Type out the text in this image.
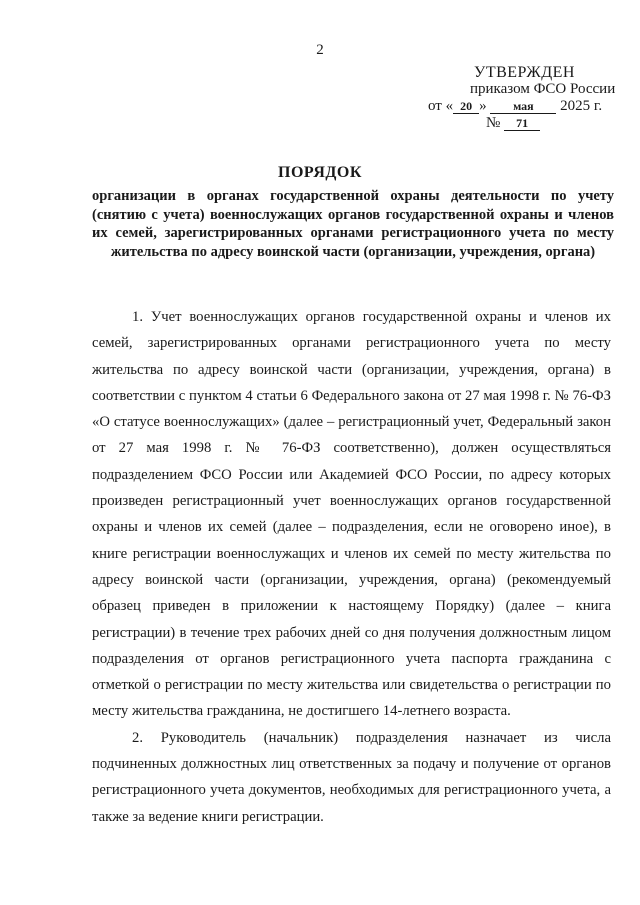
2
УТВЕРЖДЕН
приказом ФСО России
от « 20 » мая 2025 г.
№ 71
ПОРЯДОК
организации в органах государственной охраны деятельности по учету (снятию с учета) военнослужащих органов государственной охраны и членов их семей, зарегистрированных органами регистрационного учета по месту жительства по адресу воинской части (организации, учреждения, органа)

1. Учет военнослужащих органов государственной охраны и членов их семей, зарегистрированных органами регистрационного учета по месту жительства по адресу воинской части (организации, учреждения, органа) в соответствии с пунктом 4 статьи 6 Федерального закона от 27 мая 1998 г. № 76-ФЗ «О статусе военнослужащих» (далее – регистрационный учет, Федеральный закон от 27 мая 1998 г. № 76-ФЗ соответственно), должен осуществляться подразделением ФСО России или Академией ФСО России, по адресу которых произведен регистрационный учет военнослужащих органов государственной охраны и членов их семей (далее – подразделения, если не оговорено иное), в книге регистрации военнослужащих и членов их семей по месту жительства по адресу воинской части (организации, учреждения, органа) (рекомендуемый образец приведен в приложении к настоящему Порядку) (далее – книга регистрации) в течение трех рабочих дней со дня получения должностным лицом подразделения от органов регистрационного учета паспорта гражданина с отметкой о регистрации по месту жительства или свидетельства о регистрации по месту жительства гражданина, не достигшего 14-летнего возраста.

2. Руководитель (начальник) подразделения назначает из числа подчиненных должностных лиц ответственных за подачу и получение от органов регистрационного учета документов, необходимых для регистрационного учета, а также за ведение книги регистрации.
